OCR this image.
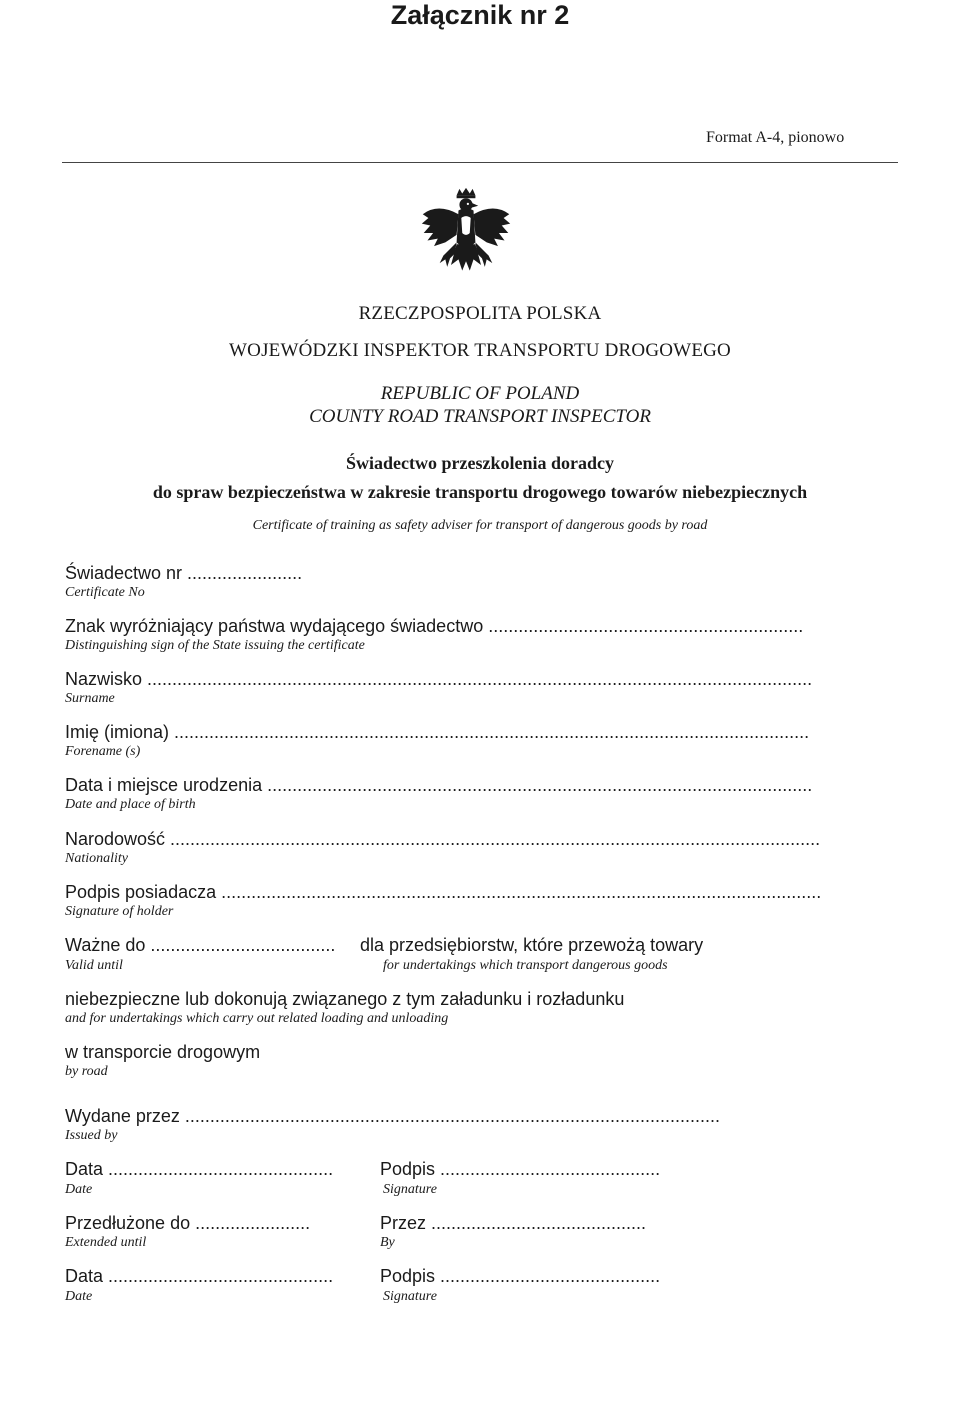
Załącznik nr 2
Format A-4, pionowo
RZECZPOSPOLITA POLSKA
WOJEWÓDZKI INSPEKTOR TRANSPORTU DROGOWEGO
REPUBLIC OF POLAND
COUNTY ROAD TRANSPORT INSPECTOR
Świadectwo przeszkolenia doradcy
do spraw bezpieczeństwa w zakresie transportu drogowego towarów niebezpiecznych
Certificate of training as safety adviser for transport of dangerous goods by road
Świadectwo nr .......................
Certificate No
Znak wyróżniający państwa wydającego świadectwo ...............................................................
Distinguishing sign of the State issuing the certificate
Nazwisko .....................................................................................................................................
Surname
Imię (imiona) ...............................................................................................................................
Forename (s)
Data i miejsce urodzenia .............................................................................................................
Date and place of birth
Narodowość ..................................................................................................................................
Nationality
Podpis posiadacza ........................................................................................................................
Signature of holder
Ważne do .....................................
Valid until
dla przedsiębiorstw, które przewożą towary
for undertakings which transport dangerous goods
niebezpieczne lub dokonują związanego z tym załadunku i rozładunku
and for undertakings which carry out related loading and unloading
w transporcie drogowym
by road
Wydane przez ...........................................................................................................
Issued by
Data .............................................
Date
Podpis ............................................
Signature
Przedłużone do .......................
Extended until
Przez ...........................................
By
Data .............................................
Date
Podpis ............................................
Signature
